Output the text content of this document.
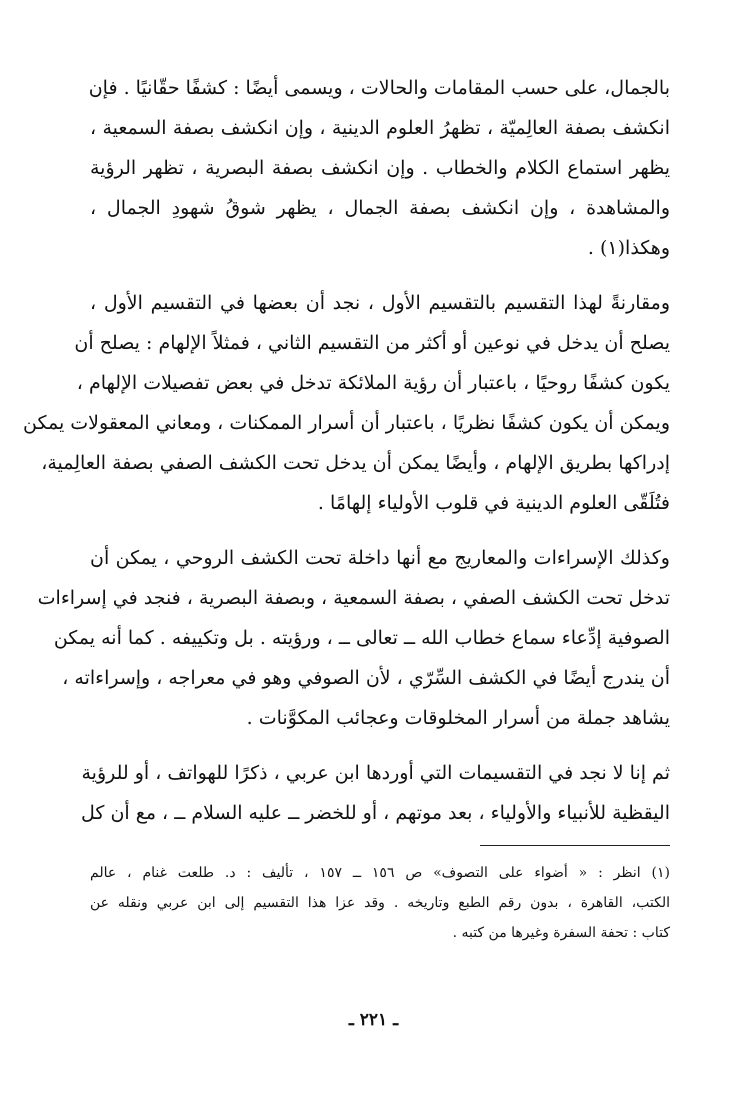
بالجمال، على حسب المقامات والحالات ، ويسمى أيضًا : كشفًا حقّانيًا . فإن
انكشف بصفة العالِميّة ، تظهرُ العلوم الدينية ، وإن انكشف بصفة السمعية ،
يظهر استماع الكلام والخطاب . وإن انكشف بصفة البصرية ، تظهر الرؤية
والمشاهدة ، وإن انكشف بصفة الجمال ، يظهر شوقُ شهودِ الجمال ،
وهكذا(١) .

ومقارنةً لهذا التقسيم بالتقسيم الأول ، نجد أن بعضها في التقسيم الأول ،
يصلح أن يدخل في نوعين أو أكثر من التقسيم الثاني ، فمثلاً الإلهام : يصلح أن
يكون كشفًا روحيًا ، باعتبار أن رؤية الملائكة تدخل في بعض تفصيلات الإلهام ،
ويمكن أن يكون كشفًا نظريًا ، باعتبار أن أسرار الممكنات ، ومعاني المعقولات يمكن
إدراكها بطريق الإلهام ، وأيضًا يمكن أن يدخل تحت الكشف الصفي بصفة العالِمية،
فتُلَقّى العلوم الدينية في قلوب الأولياء إلهامًا .

وكذلك الإسراءات والمعاريج مع أنها داخلة تحت الكشف الروحي ، يمكن أن
تدخل تحت الكشف الصفي ، بصفة السمعية ، وبصفة البصرية ، فنجد في إسراءات
الصوفية إدِّعاء سماع خطاب الله ــ تعالى ــ ، ورؤيته . بل وتكييفه . كما أنه يمكن
أن يندرج أيضًا في الكشف السِّرّي ، لأن الصوفي وهو في معراجه ، وإسراءاته ،
يشاهد جملة من أسرار المخلوقات وعجائب المكوَّنات .

ثم إنا لا نجد في التقسيمات التي أوردها ابن عربي ، ذكرًا للهواتف ، أو للرؤية
اليقظية للأنبياء والأولياء ، بعد موتهم ، أو للخضر ــ عليه السلام ــ ، مع أن كل

(١) انظر : « أضواء على التصوف» ص ١٥٦ ــ ١٥٧ ، تأليف : د. طلعت غنام ، عالم
الكتب، القاهرة ، بدون رقم الطبع وتاريخه . وقد عزا هذا التقسيم إلى ابن عربي ونقله عن
كتاب : تحفة السفرة وغيرها من كتبه .
ـ ٢٢١ ـ
